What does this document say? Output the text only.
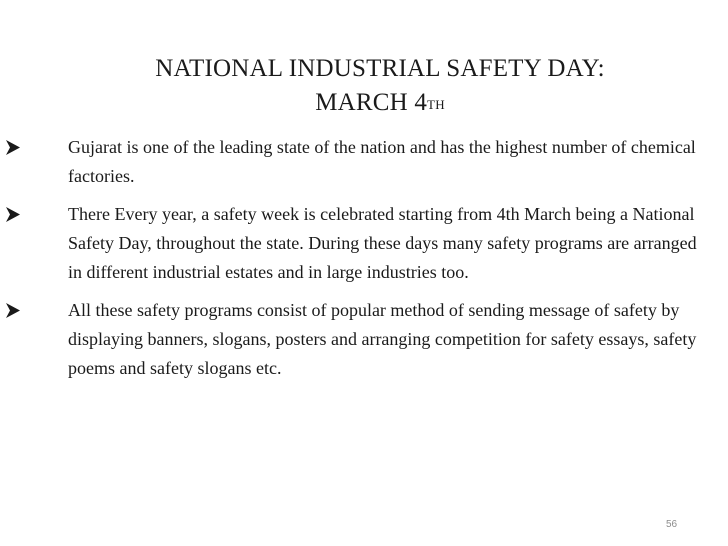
NATIONAL INDUSTRIAL SAFETY DAY:
MARCH 4TH
Gujarat is one of the leading state of the nation and has the highest number of chemical factories.
There Every year, a safety week is celebrated starting from 4th March being a National Safety Day, throughout the state. During these days many safety programs are arranged in different industrial estates and in large industries too.
All these safety programs consist of popular method of sending message of safety by displaying banners, slogans, posters and arranging competition for safety essays, safety poems and safety slogans etc.
56
